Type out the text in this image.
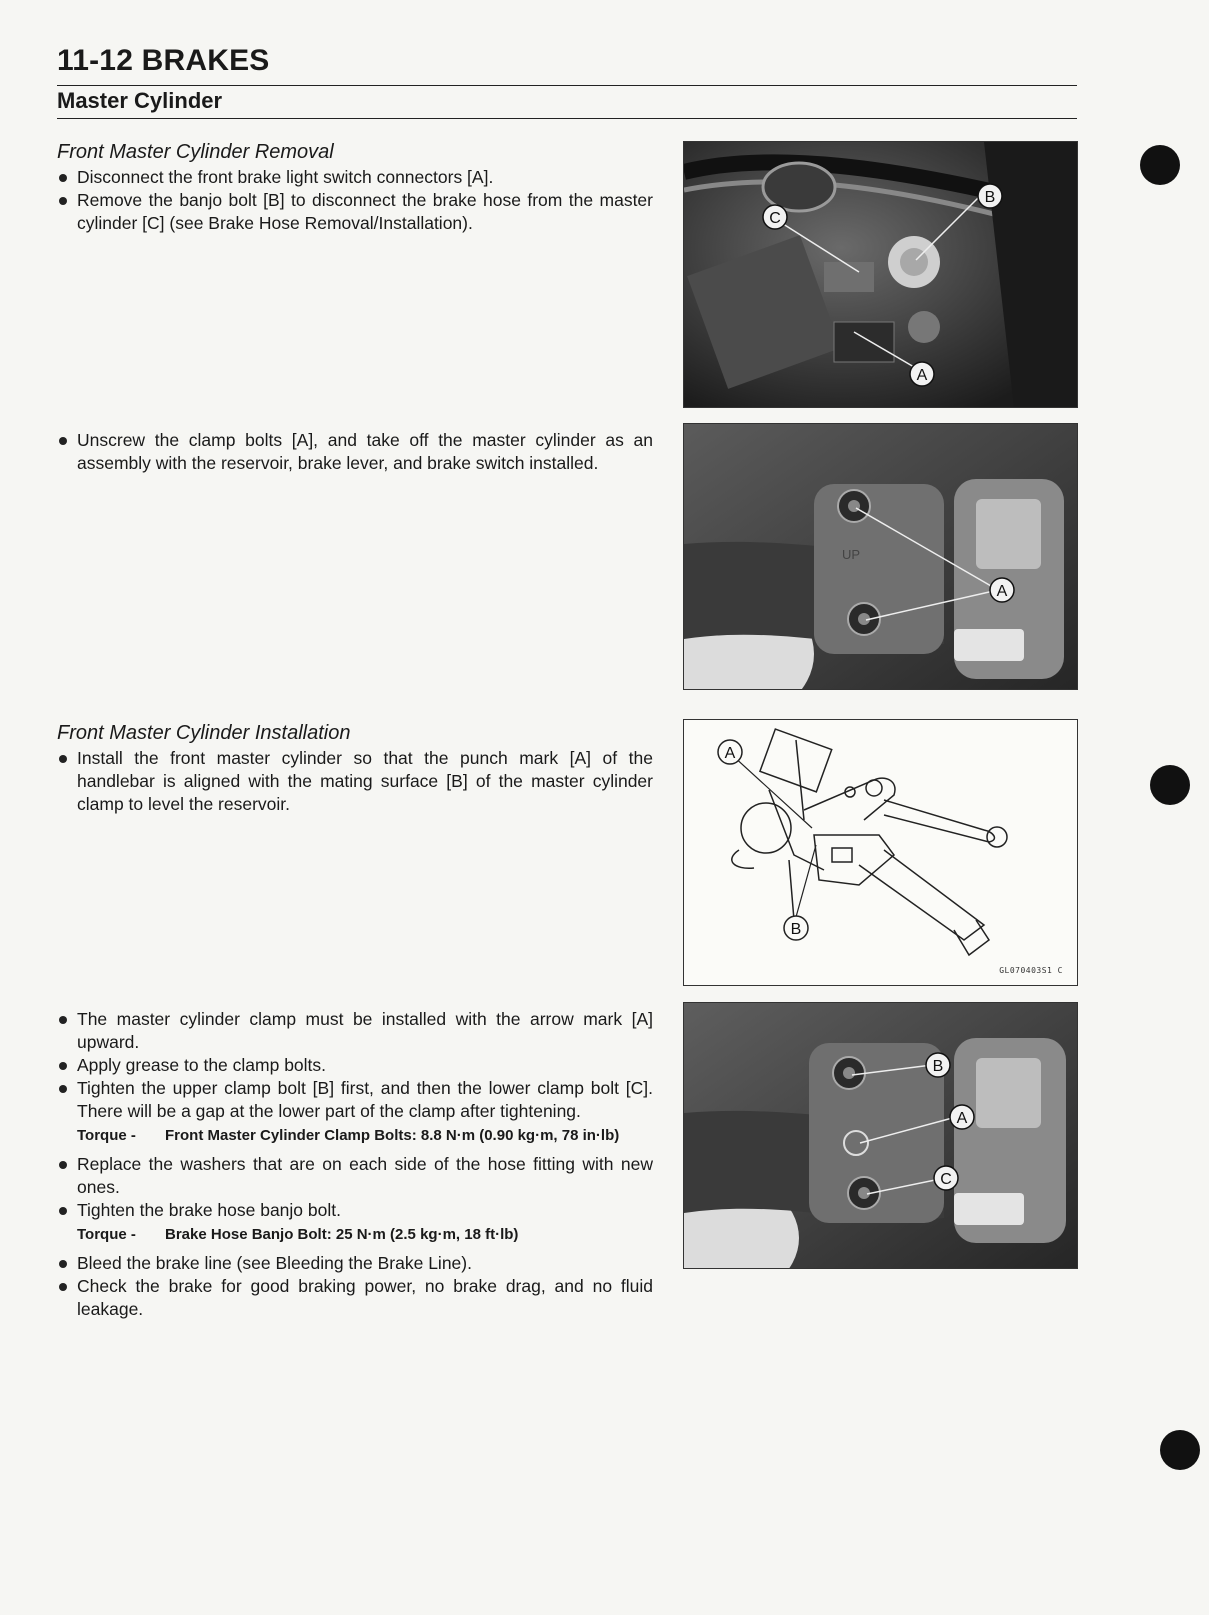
11-12 BRAKES
Master Cylinder
Front Master Cylinder Removal
Disconnect the front brake light switch connectors [A].
Remove the banjo bolt [B] to disconnect the brake hose from the master cylinder [C] (see Brake Hose Removal/Installation).
Unscrew the clamp bolts [A], and take off the master cylinder as an assembly with the reservoir, brake lever, and brake switch installed.
Front Master Cylinder Installation
Install the front master cylinder so that the punch mark [A] of the handlebar is aligned with the mating surface [B] of the master cylinder clamp to level the reservoir.
The master cylinder clamp must be installed with the arrow mark [A] upward.
Apply grease to the clamp bolts.
Tighten the upper clamp bolt [B] first, and then the lower clamp bolt [C]. There will be a gap at the lower part of the clamp after tightening.
Torque -	Front Master Cylinder Clamp Bolts: 8.8 N·m (0.90 kg·m, 78 in·lb)
Replace the washers that are on each side of the hose fitting with new ones.
Tighten the brake hose banjo bolt.
Torque -	Brake Hose Banjo Bolt: 25 N·m (2.5 kg·m, 18 ft·lb)
Bleed the brake line (see Bleeding the Brake Line).
Check the brake for good braking power, no brake drag, and no fluid leakage.
B
C
A
UP
A
A
B
GL070403S1 C
B
A
C
